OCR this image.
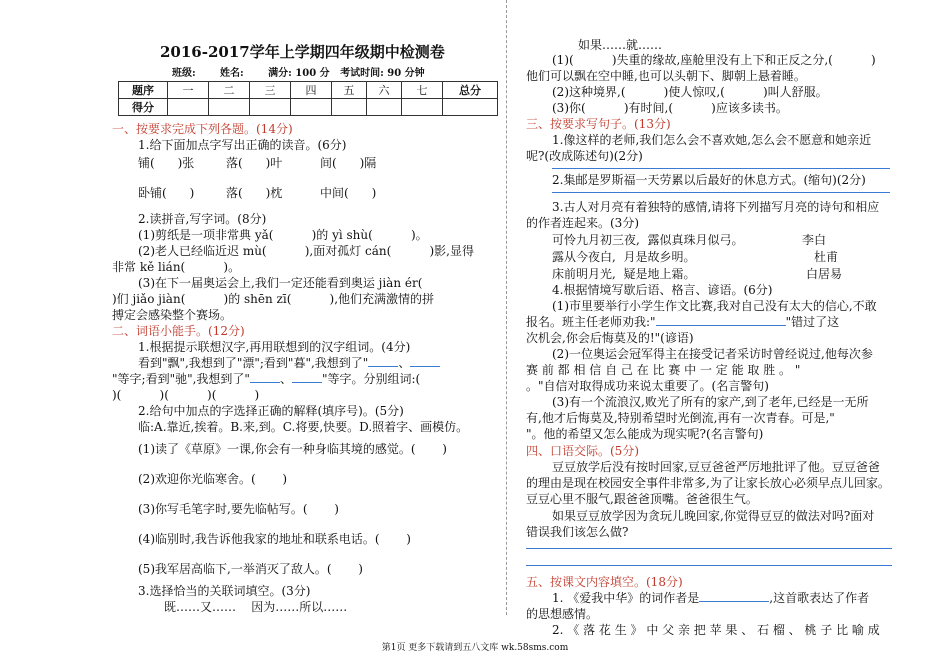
2016-2017学年上学期四年级期中检测卷
班级:       姓名:       满分: 100 分   考试时间: 90 分钟
题序	一	二	三	四	五	六	七	总分
得分								
一、按要求完成下列各题。(14分)
1.给下面加点字写出正确的读音。(6分)
铺(      )张	落(      )叶	间(      )隔
卧铺(      )	落(      )枕	中间(      )
2.读拼音,写字词。(8分)
(1)剪纸是一项非常典 yǎ(          )的 yì shù(          )。
(2)老人已经临近迟 mù(          ),面对孤灯 cán(          )影,显得
非常 kě lián(          )。
(3)在下一届奥运会上,我们一定还能看到奥运 jiàn ér(
)们 jiǎo jiàn(          )的 shēn zī(          ),他们充满激情的拼
搏定会感染整个赛场。
二、词语小能手。(12分)
1.根据提示联想汉字,再用联想到的汉字组词。(4分)
看到"飘",我想到了"漂";看到"暮",我想到了"	、
"等字;看到"驰",我想到了"	、	"等字。分别组词:(
)(          )(          )(          )
2.给句中加点的字选择正确的解释(填序号)。(5分)
临:A.靠近,挨着。B.来,到。C.将要,快要。D.照着字、画模仿。
(1)读了《草原》一课,你会有一种身临其境的感觉。(       )
(2)欢迎你光临寒舍。(       )
(3)你写毛笔字时,要先临帖写。(       )
(4)临别时,我告诉他我家的地址和联系电话。(       )
(5)我军居高临下,一举消灭了敌人。(       )
3.选择恰当的关联词填空。(3分)
既……又……    因为……所以……
如果……就……
(1)(          )失重的缘故,座舱里没有上下和正反之分,(          )
他们可以飘在空中睡,也可以头朝下、脚朝上悬着睡。
(2)这种境界,(          )使人惊叹,(          )叫人舒服。
(3)你(          )有时间,(          )应该多读书。
三、按要求写句子。(13分)
1.像这样的老师,我们怎么会不喜欢她,怎么会不愿意和她亲近
呢?(改成陈述句)(2分)
2.集邮是罗斯福一天劳累以后最好的休息方式。(缩句)(2分)
3.古人对月亮有着独特的感情,请将下列描写月亮的诗句和相应
的作者连起来。(3分)
可怜九月初三夜,  露似真珠月似弓。	李白
露从今夜白,  月是故乡明。	杜甫
床前明月光,  疑是地上霜。	白居易
4.根据情境写歇后语、格言、谚语。(6分)
(1)市里要举行小学生作文比赛,我对自己没有太大的信心,不敢
报名。班主任老师劝我:"	"错过了这
次机会,你会后悔莫及的!"(谚语)
(2)一位奥运会冠军得主在接受记者采访时曾经说过,他每次参
赛 前 都 相 信 自 己 在 比 赛 中 一 定 能 取 胜 。 "
。"自信对取得成功来说太重要了。(名言警句)
(3)有一个流浪汉,败光了所有的家产,到了老年,已经是一无所
有,他才后悔莫及,特别希望时光倒流,再有一次青春。可是,"
"。他的希望又怎么能成为现实呢?(名言警句)
四、口语交际。(5分)
豆豆放学后没有按时回家,豆豆爸爸严厉地批评了他。豆豆爸爸
的理由是现在校园安全事件非常多,为了让家长放心必须早点儿回家。
豆豆心里不服气,跟爸爸顶嘴。爸爸很生气。
如果豆豆放学因为贪玩儿晚回家,你觉得豆豆的做法对吗?面对
错误我们该怎么做?
五、按课文内容填空。(18分)
1. 《爱我中华》的词作者是	,这首歌表达了作者
的思想感情。
2. 《 落 花 生 》 中 父 亲 把 苹 果 、 石 榴 、 桃 子 比 喻 成
第1页 更多下载请到五八文库 wk.58sms.com
